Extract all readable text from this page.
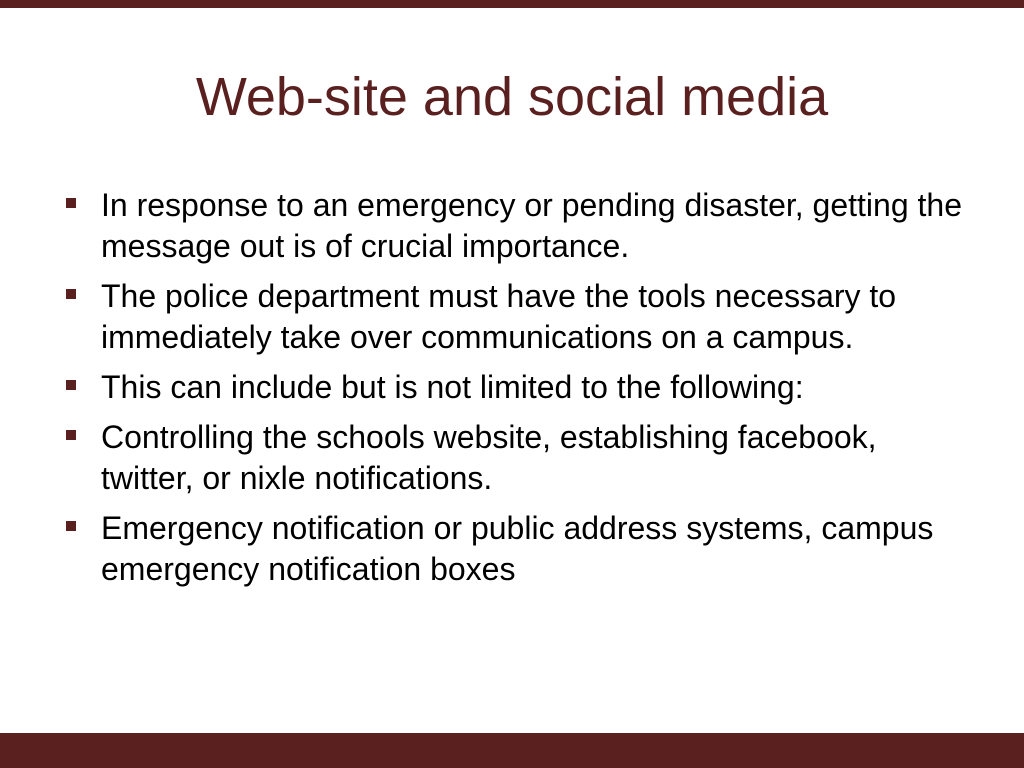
Web-site and social media
In response to an emergency or pending disaster, getting the message out is of crucial importance.
The police department must have the tools necessary to immediately take over communications on a campus.
This can include but is not limited to the following:
Controlling the schools website, establishing facebook, twitter, or nixle notifications.
Emergency notification or public address systems, campus emergency notification boxes
